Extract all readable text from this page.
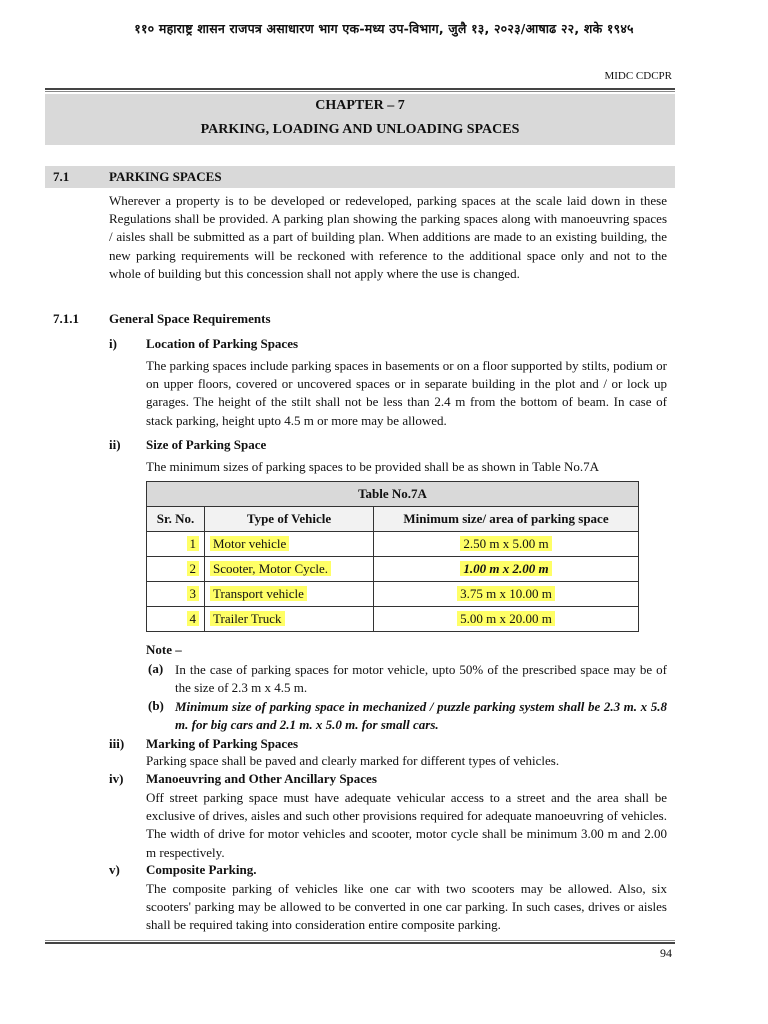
११० महाराष्ट्र शासन राजपत्र असाधारण भाग एक-मध्य उप-विभाग, जुलै १३, २०२३/आषाढ २२, शके १९४५
MIDC CDCPR
CHAPTER – 7
PARKING, LOADING AND UNLOADING SPACES
7.1	PARKING SPACES
Wherever a property is to be developed or redeveloped, parking spaces at the scale laid down in these Regulations shall be provided. A parking plan showing the parking spaces along with manoeuvring spaces / aisles shall be submitted as a part of building plan. When additions are made to an existing building, the new parking requirements will be reckoned with reference to the additional space only and not to the whole of building but this concession shall not apply where the use is changed.
7.1.1 General Space Requirements
i) Location of Parking Spaces
The parking spaces include parking spaces in basements or on a floor supported by stilts, podium or on upper floors, covered or uncovered spaces or in separate building in the plot and / or lock up garages. The height of the stilt shall not be less than 2.4 m from the bottom of beam. In case of stack parking, height upto 4.5 m or more may be allowed.
ii) Size of Parking Space
The minimum sizes of parking spaces to be provided shall be as shown in Table No.7A
Table No.7A		
Sr. No.	Type of Vehicle	Minimum size/ area of parking space
1	Motor vehicle	2.50 m x 5.00 m
2	Scooter, Motor Cycle.	1.00 m x 2.00 m
3	Transport vehicle	3.75 m x 10.00 m
4	Trailer Truck	5.00 m x 20.00 m
Note –
(a) In the case of parking spaces for motor vehicle, upto 50% of the prescribed space may be of the size of 2.3 m x 4.5 m.
(b) Minimum size of parking space in mechanized / puzzle parking system shall be 2.3 m. x 5.8 m. for big cars and 2.1 m. x 5.0 m. for small cars.
iii) Marking of Parking Spaces
Parking space shall be paved and clearly marked for different types of vehicles.
iv) Manoeuvring and Other Ancillary Spaces
Off street parking space must have adequate vehicular access to a street and the area shall be exclusive of drives, aisles and such other provisions required for adequate manoeuvring of vehicles. The width of drive for motor vehicles and scooter, motor cycle shall be minimum 3.00 m and 2.00 m respectively.
v) Composite Parking.
The composite parking of vehicles like one car with two scooters may be allowed. Also, six scooters' parking may be allowed to be converted in one car parking. In such cases, drives or aisles shall be required taking into consideration entire composite parking.
94
